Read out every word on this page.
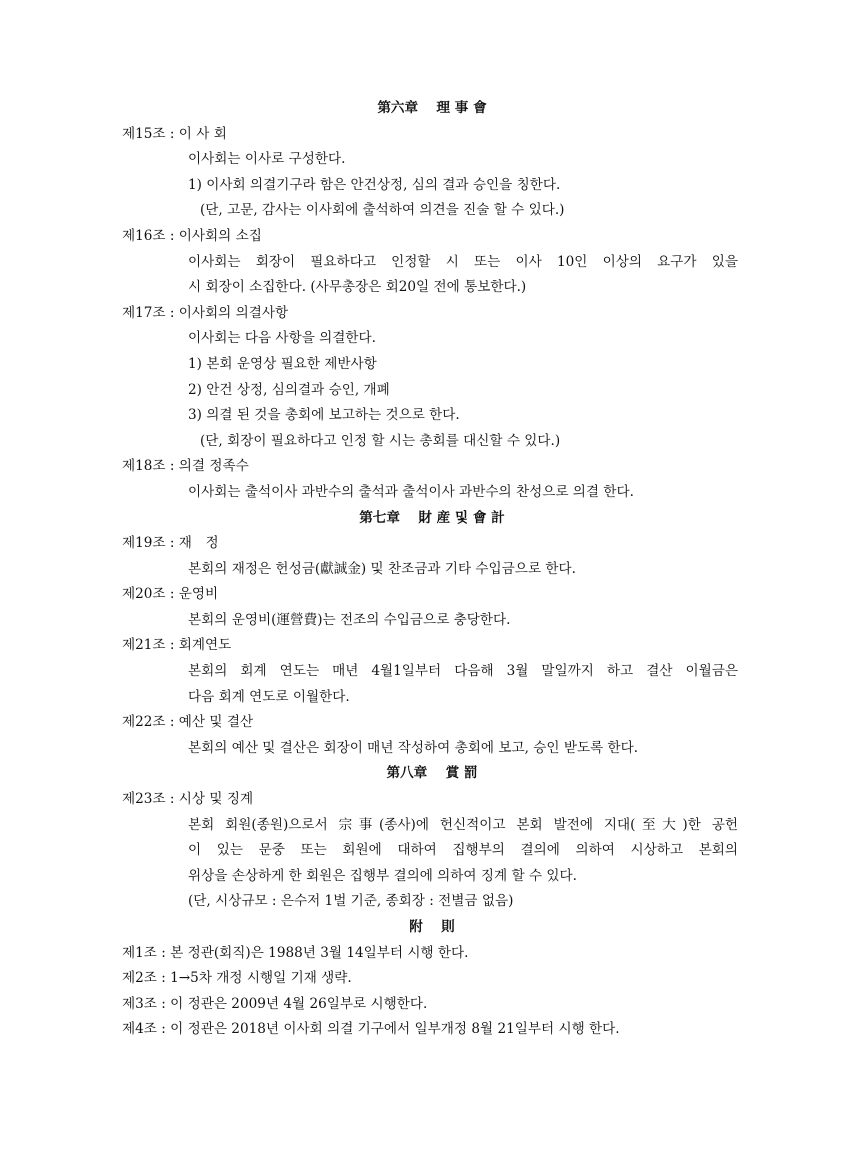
第六章　 理 事 會
제15조 : 이 사 회
이사회는 이사로 구성한다.
1) 이사회 의결기구라 함은 안건상정, 심의 결과 승인을 칭한다.
(단, 고문, 감사는 이사회에 출석하여 의견을 진술 할 수 있다.)
제16조 : 이사회의 소집
이사회는 회장이 필요하다고 인정할 시 또는 이사 10인 이상의 요구가 있을
시 회장이 소집한다. (사무총장은 회20일 전에 통보한다.)
제17조 : 이사회의 의결사항
이사회는 다음 사항을 의결한다.
1) 본회 운영상 필요한 제반사항
2) 안건 상정, 심의결과 승인, 개폐
3) 의결 된 것을 총회에 보고하는 것으로 한다.
(단, 회장이 필요하다고 인정 할 시는 총회를 대신할 수 있다.)
제18조 : 의결 정족수
이사회는 출석이사 과반수의 출석과 출석이사 과반수의 찬성으로 의결 한다.
第七章　 財 産 및 會 計
제19조 : 재　정
본회의 재정은 헌성금(獻誠金) 및 찬조금과 기타 수입금으로 한다.
제20조 : 운영비
본회의 운영비(運營費)는 전조의 수입금으로 충당한다.
제21조 : 회계연도
본회의 회계 연도는 매년 4월1일부터 다음해 3월 말일까지 하고 결산 이월금은
다음 회계 연도로 이월한다.
제22조 : 예산 및 결산
본회의 예산 및 결산은 회장이 매년 작성하여 총회에 보고, 승인 받도록 한다.
第八章　 賞 罰
제23조 : 시상 및 징계
본회 회원(종원)으로서 宗事(종사)에 헌신적이고 본회 발전에 지대(至大)한 공헌
이 있는 문중 또는 회원에 대하여 집행부의 결의에 의하여 시상하고 본회의
위상을 손상하게 한 회원은 집행부 결의에 의하여 징계 할 수 있다.
(단, 시상규모 : 은수저 1벌 기준, 종회장 : 전별금 없음)
附　 則
제1조 : 본 정관(회직)은 1988년 3월 14일부터 시행 한다.
제2조 : 1→5차 개정 시행일 기재 생략.
제3조 : 이 정관은 2009년 4월 26일부로 시행한다.
제4조 : 이 정관은 2018년 이사회 의결 기구에서 일부개정 8월 21일부터 시행 한다.
